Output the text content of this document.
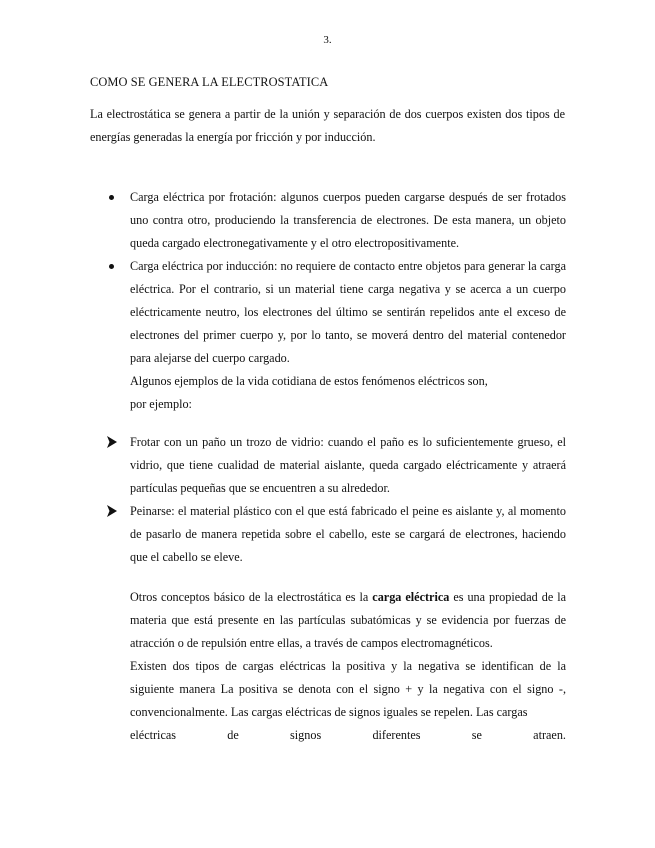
3.
COMO SE GENERA LA ELECTROSTATICA
La electrostática se genera a partir de la unión y separación de dos cuerpos existen dos tipos de energías generadas la energía por fricción y por inducción.
Carga eléctrica por frotación: algunos cuerpos pueden cargarse después de ser frotados uno contra otro, produciendo la transferencia de electrones. De esta manera, un objeto queda cargado electronegativamente y el otro electropositivamente.
Carga eléctrica por inducción: no requiere de contacto entre objetos para generar la carga eléctrica. Por el contrario, si un material tiene carga negativa y se acerca a un cuerpo eléctricamente neutro, los electrones del último se sentirán repelidos ante el exceso de electrones del primer cuerpo y, por lo tanto, se moverá dentro del material contenedor para alejarse del cuerpo cargado.
Algunos ejemplos de la vida cotidiana de estos fenómenos eléctricos son,
por ejemplo:
Frotar con un paño un trozo de vidrio: cuando el paño es lo suficientemente grueso, el vidrio, que tiene cualidad de material aislante, queda cargado eléctricamente y atraerá partículas pequeñas que se encuentren a su alrededor.
Peinarse: el material plástico con el que está fabricado el peine es aislante y, al momento de pasarlo de manera repetida sobre el cabello, este se cargará de electrones, haciendo que el cabello se eleve.
Otros conceptos básico de la electrostática es la carga eléctrica es una propiedad de la materia que está presente en las partículas subatómicas y se evidencia por fuerzas de atracción o de repulsión entre ellas, a través de campos electromagnéticos.
Existen dos tipos de cargas eléctricas la positiva y la negativa se identifican de la siguiente manera La positiva se denota con el signo + y la negativa con el signo -, convencionalmente. Las cargas eléctricas de signos iguales se repelen. Las cargas
eléctricas	de	signos	diferentes	se	atraen.
